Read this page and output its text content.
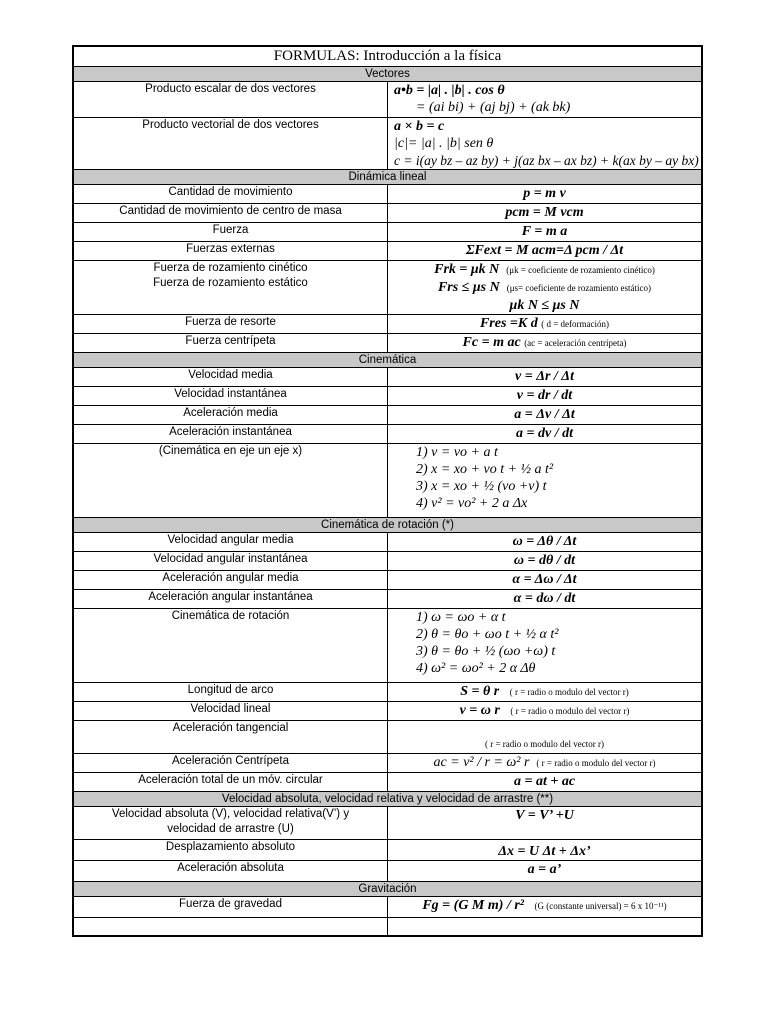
FORMULAS: Introducción a la física	
Vectores	
Producto escalar de dos vectores	a•b = |a| . |b| . cos θ
= (ai bi) + (aj bj) + (ak bk)

Producto vectorial de dos vectores	a × b = c
|c|= |a| . |b| sen θ
c = i(ay bz – az by) + j(az bx – ax bz) + k(ax by – ay bx)

Dinámica lineal	
Cantidad de movimiento	p = m v
Cantidad de movimiento de centro de masa	pcm = M vcm
Fuerza	F = m a
Fuerzas externas	ΣFext = M acm=Δ pcm / Δt

Fuerza de rozamiento cinético
Fuerza de rozamiento estático	Frk = μk N (μk = coeficiente de rozamiento cinético)
Frs ≤ μs N (μs= coeficiente de rozamiento estático)
μk N ≤ μs N

Fuerza de resorte	Fres =K d ( d = deformación)
Fuerza centrípeta	Fc = m ac (ac = aceleración centrípeta)
Cinemática	
Velocidad media	v = Δr / Δt
Velocidad instantánea	v = dr / dt
Aceleración media	a = Δv / Δt
Aceleración instantánea	a = dv / dt
(Cinemática en eje un eje x)	1) v = vo + a t
2) x = xo + vo t + ½ a t²
3) x = xo + ½ (vo +v) t
4) v² = vo² + 2 a Δx

Cinemática de rotación (*)	
Velocidad angular media	ω = Δθ / Δt
Velocidad angular instantánea	ω = dθ / dt
Aceleración angular media	α = Δω / Δt
Aceleración angular instantánea	α = dω / dt
Cinemática de rotación	1) ω = ωo + α t
2) θ = θo + ωo t + ½ α t²
3) θ = θo + ½ (ωo +ω) t
4) ω² = ωo² + 2 α Δθ

Longitud de arco	S = θ r ( r = radio o modulo del vector r)
Velocidad lineal	v = ω r ( r = radio o modulo del vector r)
Aceleración tangencial	( r = radio o modulo del vector r)
Aceleración Centrípeta	ac = v² / r = ω² r ( r = radio o modulo del vector r)
Aceleración total de un móv. circular	a = at + ac
Velocidad absoluta, velocidad relativa y velocidad de arrastre (**)	

Velocidad absoluta (V), velocidad relativa(V’) y
velocidad de arrastre (U)	V = V’ +U
Desplazamiento absoluto	Δx = U Δt + Δx’
Aceleración absoluta	a = a’
Gravitación	
Fuerza de gravedad	Fg = (G M m) / r² (G (constante universal) = 6 x 10⁻¹¹)
